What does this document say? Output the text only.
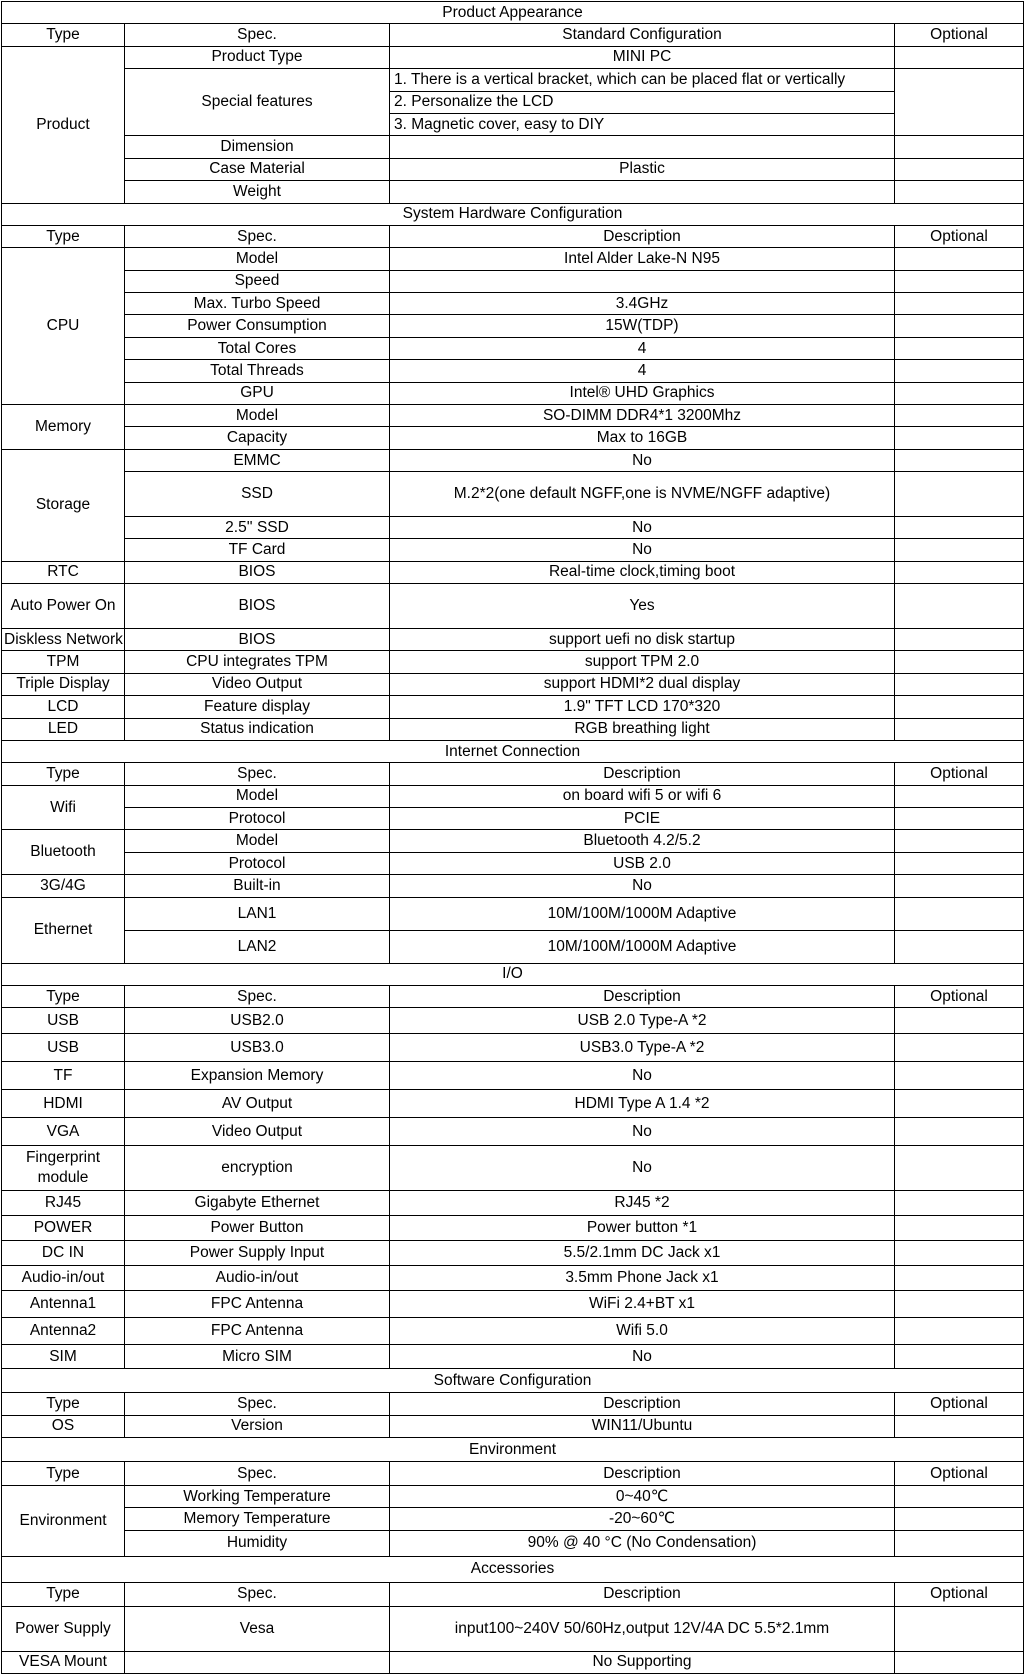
Product Appearance			
Type	Spec.	Standard Configuration	Optional
Product	Product Type	MINI PC	
	Special features	1. There is a vertical bracket, which can be placed flat or vertically	
		2. Personalize the LCD	
		3. Magnetic cover, easy to DIY	
	Dimension		
	Case Material	Plastic	
	Weight		
System Hardware Configuration			
Type	Spec.	Description	Optional
CPU	Model	Intel Alder Lake-N N95	
	Speed		
	Max. Turbo Speed	3.4GHz	
	Power Consumption	15W(TDP)	
	Total Cores	4	
	Total Threads	4	
	GPU	Intel® UHD Graphics	
Memory	Model	SO-DIMM DDR4*1 3200Mhz	
	Capacity	Max to 16GB	
Storage	EMMC	No	
	SSD	M.2*2(one default NGFF,one is NVME/NGFF adaptive)	
	2.5'' SSD	No	
	TF Card	No	
RTC	BIOS	Real-time clock,timing boot	
Auto Power On	BIOS	Yes	
Diskless Network	BIOS	support uefi no disk startup	
TPM	CPU integrates TPM	support TPM 2.0	
Triple Display	Video Output	support HDMI*2 dual display	
LCD	Feature display	1.9" TFT LCD 170*320	
LED	Status indication	RGB breathing light	
Internet Connection			
Type	Spec.	Description	Optional
Wifi	Model	on board wifi 5 or wifi 6	
	Protocol	PCIE	
Bluetooth	Model	Bluetooth 4.2/5.2	
	Protocol	USB 2.0	
3G/4G	Built-in	No	
Ethernet	LAN1	10M/100M/1000M Adaptive	
	LAN2	10M/100M/1000M Adaptive	
I/O			
Type	Spec.	Description	Optional
USB	USB2.0	USB 2.0 Type-A *2	
USB	USB3.0	USB3.0 Type-A *2	
TF	Expansion Memory	No	
HDMI	AV Output	HDMI Type A 1.4 *2	
VGA	Video Output	No	
Fingerprint module	encryption	No	
RJ45	Gigabyte Ethernet	RJ45 *2	
POWER	Power Button	Power button *1	
DC IN	Power Supply Input	5.5/2.1mm DC Jack x1	
Audio-in/out	Audio-in/out	3.5mm Phone Jack x1	
Antenna1	FPC Antenna	WiFi 2.4+BT x1	
Antenna2	FPC Antenna	Wifi 5.0	
SIM	Micro SIM	No	
Software Configuration			
Type	Spec.	Description	Optional
OS	Version	WIN11/Ubuntu	
Environment			
Type	Spec.	Description	Optional
Environment	Working Temperature	0~40℃	
	Memory Temperature	-20~60℃	
	Humidity	90% @ 40 °C (No Condensation)	
Accessories			
Type	Spec.	Description	Optional
Power Supply	Vesa	input100~240V 50/60Hz,output 12V/4A DC 5.5*2.1mm	
VESA Mount		No Supporting	
